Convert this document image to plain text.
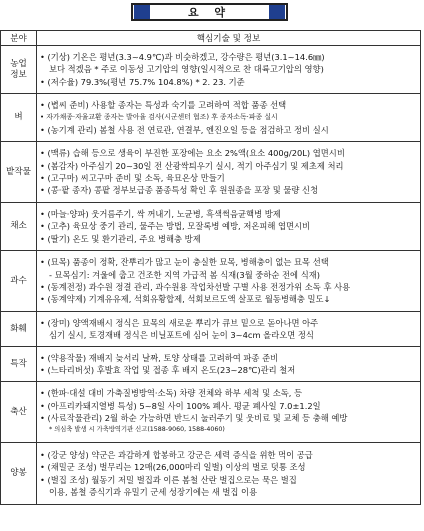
요 약
분야	핵심기술 및 정보

농업정보	• (기상) 기온은 평년(3.3~4.9℃)과 비슷하겠고, 강수량은 평년(3.1~14.6㎜)
보다 적겠음 * 주로 이동성 고기압의 영향(일시적으로 찬 대륙고기압의 영향)
• (저수율) 79.3%(평년 75.7% 104.8%) * 2. 23. 기준

벼	• (볍씨 준비) 사용할 종자는 특성과 숙기를 고려하여 적합 품종 선택
• 자가채종·자율교환 종자는 발아율 검사(시군센터 협조) 후 종자소독·파종 실시
• (농기계 관리) 봄철 사용 전 연료관, 연결부, 엔진오일 등을 점검하고 정비 실시

밭작물	• (맥류) 습해 등으로 생육이 부진한 포장에는 요소 2%액(요소 400g/20L) 엽면시비
• (봄감자) 아주심기 20~30일 전 산광싹틔우기 실시, 적기 아주심기 및 제초제 처리
• (고구마) 씨고구마 준비 및 소독, 육묘온상 만들기
• (콩·팥 종자) 콩팥 정부보급종 품종특성 확인 후 원원종을 포장 및 물량 신청

채소	• (마늘·양파) 웃거름주기, 싹 꺼내기, 노균병, 흑색썩음균핵병 방제
• (고추) 육묘상 중기 관리, 물주는 방법, 모잘록병 예방, 저온피해 엽면시비
• (딸기) 온도 및 환기관리, 주요 병해충 방제

과수	• (묘목) 품종이 정확, 잔뿌리가 많고 눈이 충실한 묘목, 병해충이 없는 묘목 선택
- 묘목심기: 겨울에 춥고 건조한 지역 가급적 봄 식재(3월 중하순 전에 식재)
• (동계전정) 과수원 정결 관리, 과수원용 작업차선발 구별 사용 전정가위 소독 후 사용
• (동계약제) 기계유유제, 석회유황합제, 석회보르도액 살포로 월동병해충 밀도↓

화훼	• (장미) 양액재배시 정식은 묘목의 새로운 뿌리가 큐브 밑으로 돋아나면 아주
심기 실시, 토경재배 정식은 비닐포트에 심어 눈이 3~4cm 올라오면 정식

특작	• (약용작물) 재배지 늦서리 날짜, 토양 상태를 고려하여 파종 준비
• (느타리버섯) 후발효 작업 및 접종 후 배지 온도(23~28℃)관리 철저

축산	• (한파·대설 대비 가축질병방역·소독) 차량 전체와 하부 세척 및 소독, 등
• (아프리카돼지열병 특성) 5~8일 사이 100% 폐사. 평균 폐사일 7.0±1.2일
• (사료작물관리) 2월 하순 가능하면 반드시 눌러주기 및 웃비료 및 교체 등 충해 예방
* 의심축 발생 시 가축방역기관 신고(1588-9060, 1588-4060)

양봉	• (강군 양성) 약군은 과감하게 합봉하고 강군은 세력 증식을 위한 먹이 공급
• (채밀군 조성) 벌무리는 12매(26,000마리 일벌) 이상의 벌로 덧통 조성
• (벌집 조성) 월동기 저밀 벌집과 이른 봄철 산란 벌집으로는 묵은 벌집
이용, 봄철 증식기과 유밀기 군세 성장기에는 새 벌집 이용
